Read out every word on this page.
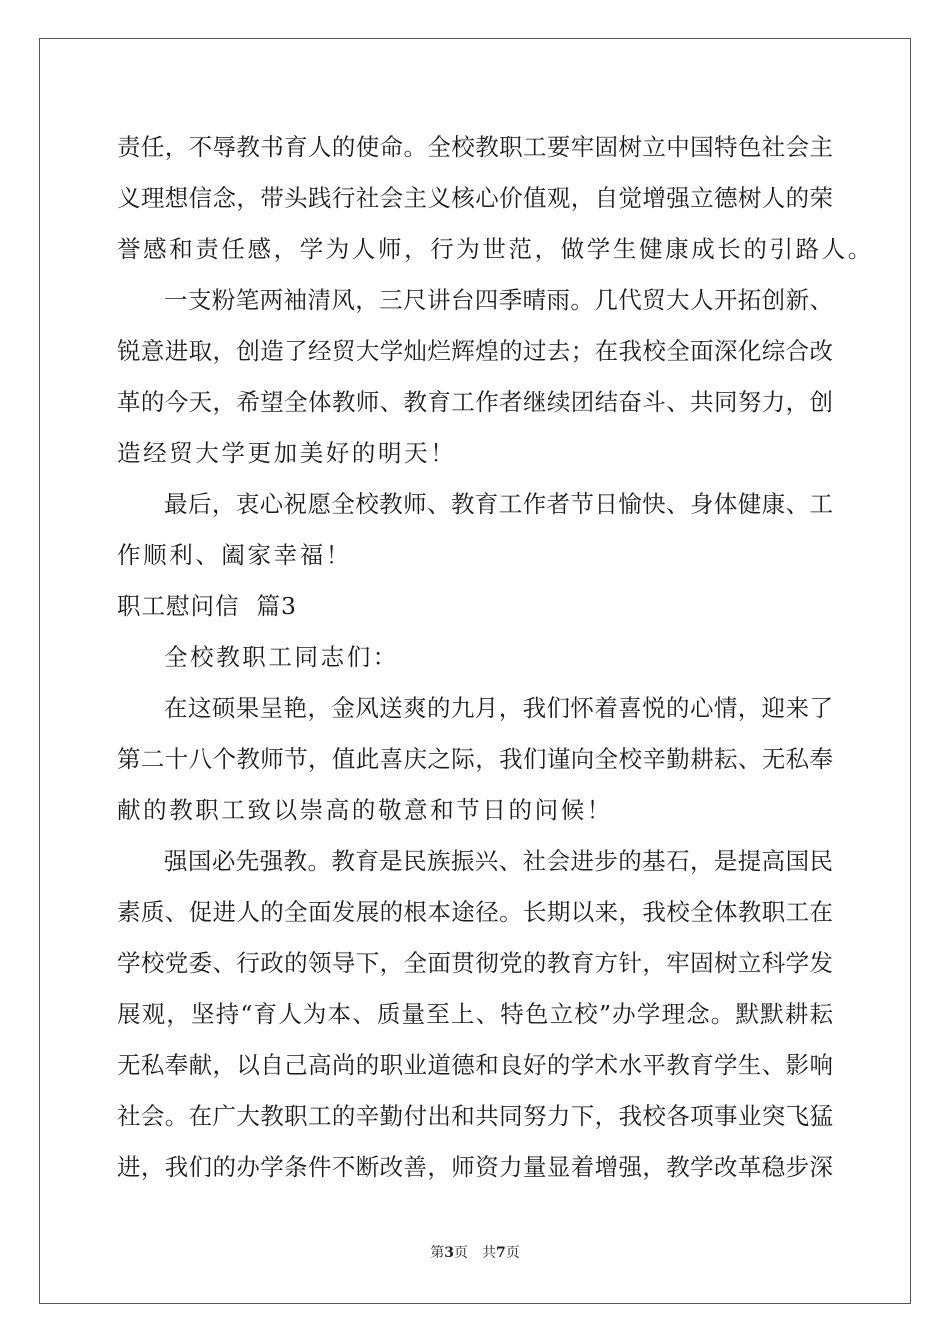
责任，不辱教书育人的使命。全校教职工要牢固树立中国特色社会主
义理想信念，带头践行社会主义核心价值观，自觉增强立德树人的荣
誉感和责任感，学为人师，行为世范，做学生健康成长的引路人。
一支粉笔两袖清风，三尺讲台四季晴雨。几代贸大人开拓创新、
锐意进取，创造了经贸大学灿烂辉煌的过去；在我校全面深化综合改
革的今天，希望全体教师、教育工作者继续团结奋斗、共同努力，创
造经贸大学更加美好的明天！
最后，衷心祝愿全校教师、教育工作者节日愉快、身体健康、工
作顺利、阖家幸福！
职工慰问信  篇3
全校教职工同志们：
在这硕果呈艳，金风送爽的九月，我们怀着喜悦的心情，迎来了
第二十八个教师节，值此喜庆之际，我们谨向全校辛勤耕耘、无私奉
献的教职工致以崇高的敬意和节日的问候！
强国必先强教。教育是民族振兴、社会进步的基石，是提高国民
素质、促进人的全面发展的根本途径。长期以来，我校全体教职工在
学校党委、行政的领导下，全面贯彻党的教育方针，牢固树立科学发
展观，坚持“育人为本、质量至上、特色立校”办学理念。默默耕耘
无私奉献，以自己高尚的职业道德和良好的学术水平教育学生、影响
社会。在广大教职工的辛勤付出和共同努力下，我校各项事业突飞猛
进，我们的办学条件不断改善，师资力量显着增强，教学改革稳步深
第3页 共7页
